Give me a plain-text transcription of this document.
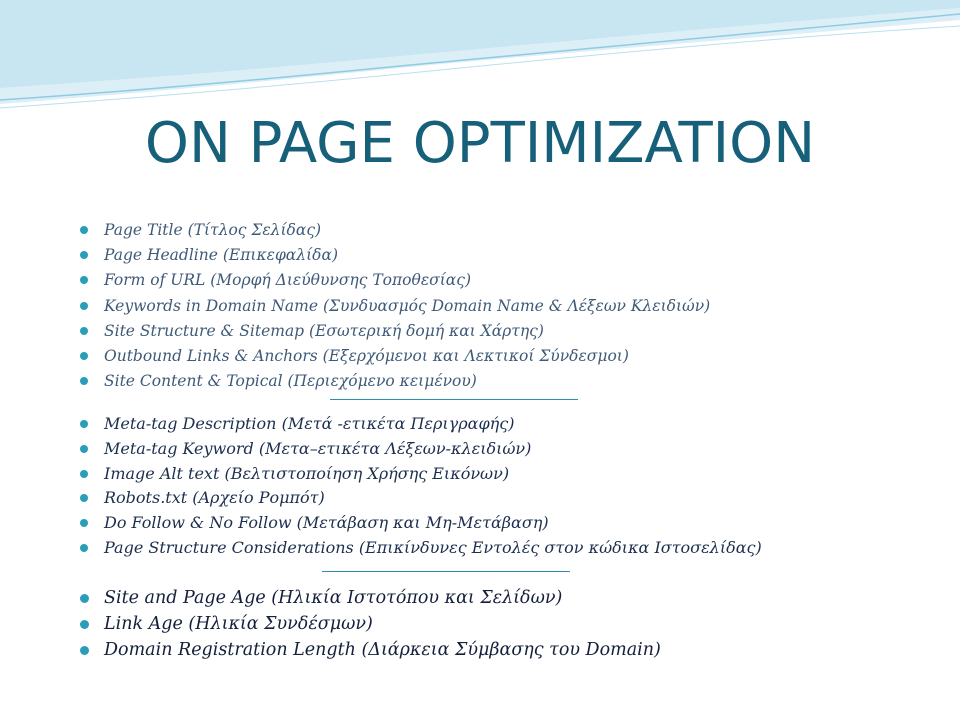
ON PAGE OPTIMIZATION
Page Title (Τίτλος Σελίδας)
Page Headline (Επικεφαλίδα)
Form of URL (Μορφή Διεύθυνσης Τοποθεσίας)
Keywords in Domain Name (Συνδυασμός Domain Name & Λέξεων Κλειδιών)
Site Structure & Sitemap (Εσωτερική δομή και Χάρτης)
Outbound Links & Anchors (Εξερχόμενοι και Λεκτικοί Σύνδεσμοι)
Site Content & Topical (Περιεχόμενο κειμένου)
Meta-tag Description (Μετά -ετικέτα Περιγραφής)
Meta-tag Keyword (Μετα–ετικέτα Λέξεων-κλειδιών)
Image Alt text (Βελτιστοποίηση Χρήσης Εικόνων)
Robots.txt (Αρχείο Ρομπότ)
Do Follow & No Follow (Μετάβαση και Μη-Μετάβαση)
Page Structure Considerations (Επικίνδυνες Εντολές στον κώδικα Ιστοσελίδας)
Site and Page Age (Ηλικία Ιστοτόπου και Σελίδων)
Link Age (Ηλικία Συνδέσμων)
Domain Registration Length (Διάρκεια Σύμβασης του Domain)
